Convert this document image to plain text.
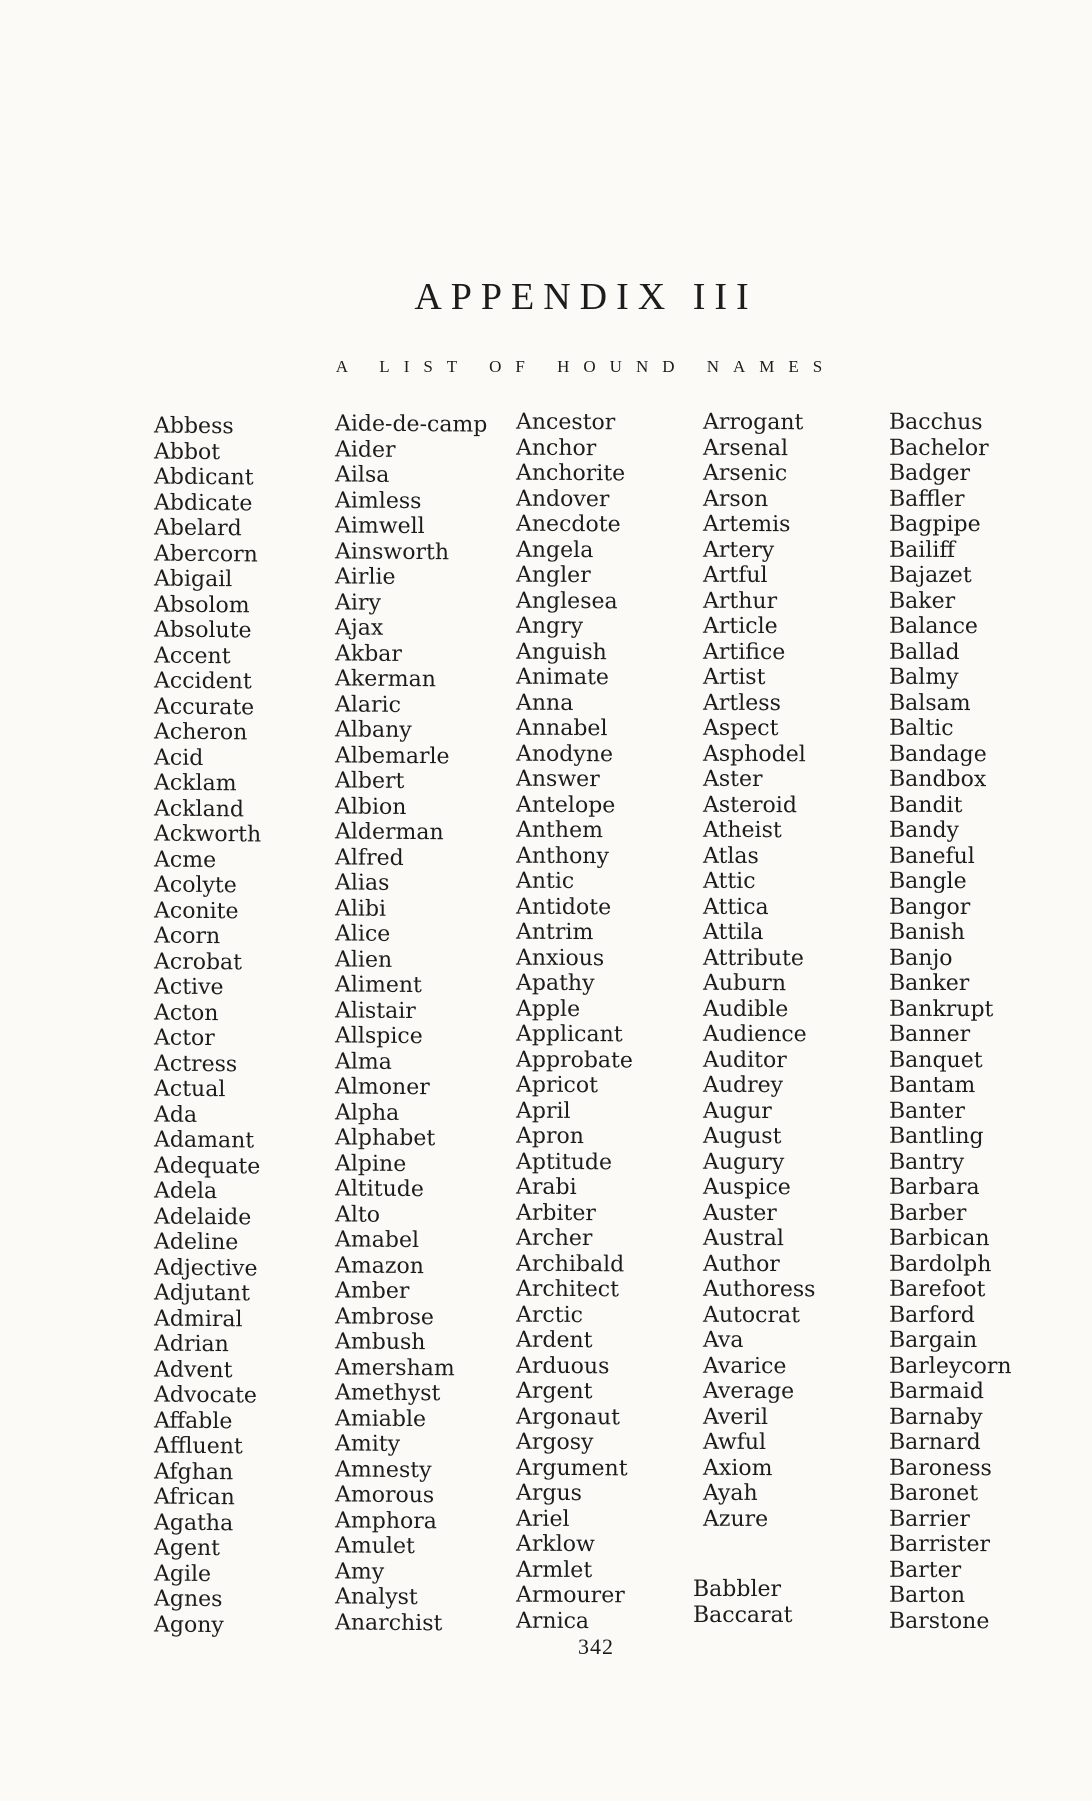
APPENDIX III
A LIST OF HOUND NAMES
Abbess
Abbot
Abdicant
Abdicate
Abelard
Abercorn
Abigail
Absolom
Absolute
Accent
Accident
Accurate
Acheron
Acid
Acklam
Ackland
Ackworth
Acme
Acolyte
Aconite
Acorn
Acrobat
Active
Acton
Actor
Actress
Actual
Ada
Adamant
Adequate
Adela
Adelaide
Adeline
Adjective
Adjutant
Admiral
Adrian
Advent
Advocate
Affable
Affluent
Afghan
African
Agatha
Agent
Agile
Agnes
Agony
Aide-de-camp
Aider
Ailsa
Aimless
Aimwell
Ainsworth
Airlie
Airy
Ajax
Akbar
Akerman
Alaric
Albany
Albemarle
Albert
Albion
Alderman
Alfred
Alias
Alibi
Alice
Alien
Aliment
Alistair
Allspice
Alma
Almoner
Alpha
Alphabet
Alpine
Altitude
Alto
Amabel
Amazon
Amber
Ambrose
Ambush
Amersham
Amethyst
Amiable
Amity
Amnesty
Amorous
Amphora
Amulet
Amy
Analyst
Anarchist
Ancestor
Anchor
Anchorite
Andover
Anecdote
Angela
Angler
Anglesea
Angry
Anguish
Animate
Anna
Annabel
Anodyne
Answer
Antelope
Anthem
Anthony
Antic
Antidote
Antrim
Anxious
Apathy
Apple
Applicant
Approbate
Apricot
April
Apron
Aptitude
Arabi
Arbiter
Archer
Archibald
Architect
Arctic
Ardent
Arduous
Argent
Argonaut
Argosy
Argument
Argus
Ariel
Arklow
Armlet
Armourer
Arnica
Arrogant
Arsenal
Arsenic
Arson
Artemis
Artery
Artful
Arthur
Article
Artifice
Artist
Artless
Aspect
Asphodel
Aster
Asteroid
Atheist
Atlas
Attic
Attica
Attila
Attribute
Auburn
Audible
Audience
Auditor
Audrey
Augur
August
Augury
Auspice
Auster
Austral
Author
Authoress
Autocrat
Ava
Avarice
Average
Averil
Awful
Axiom
Ayah
Azure
Babbler
Baccarat
Bacchus
Bachelor
Badger
Baffler
Bagpipe
Bailiff
Bajazet
Baker
Balance
Ballad
Balmy
Balsam
Baltic
Bandage
Bandbox
Bandit
Bandy
Baneful
Bangle
Bangor
Banish
Banjo
Banker
Bankrupt
Banner
Banquet
Bantam
Banter
Bantling
Bantry
Barbara
Barber
Barbican
Bardolph
Barefoot
Barford
Bargain
Barleycorn
Barmaid
Barnaby
Barnard
Baroness
Baronet
Barrier
Barrister
Barter
Barton
Barstone
342
